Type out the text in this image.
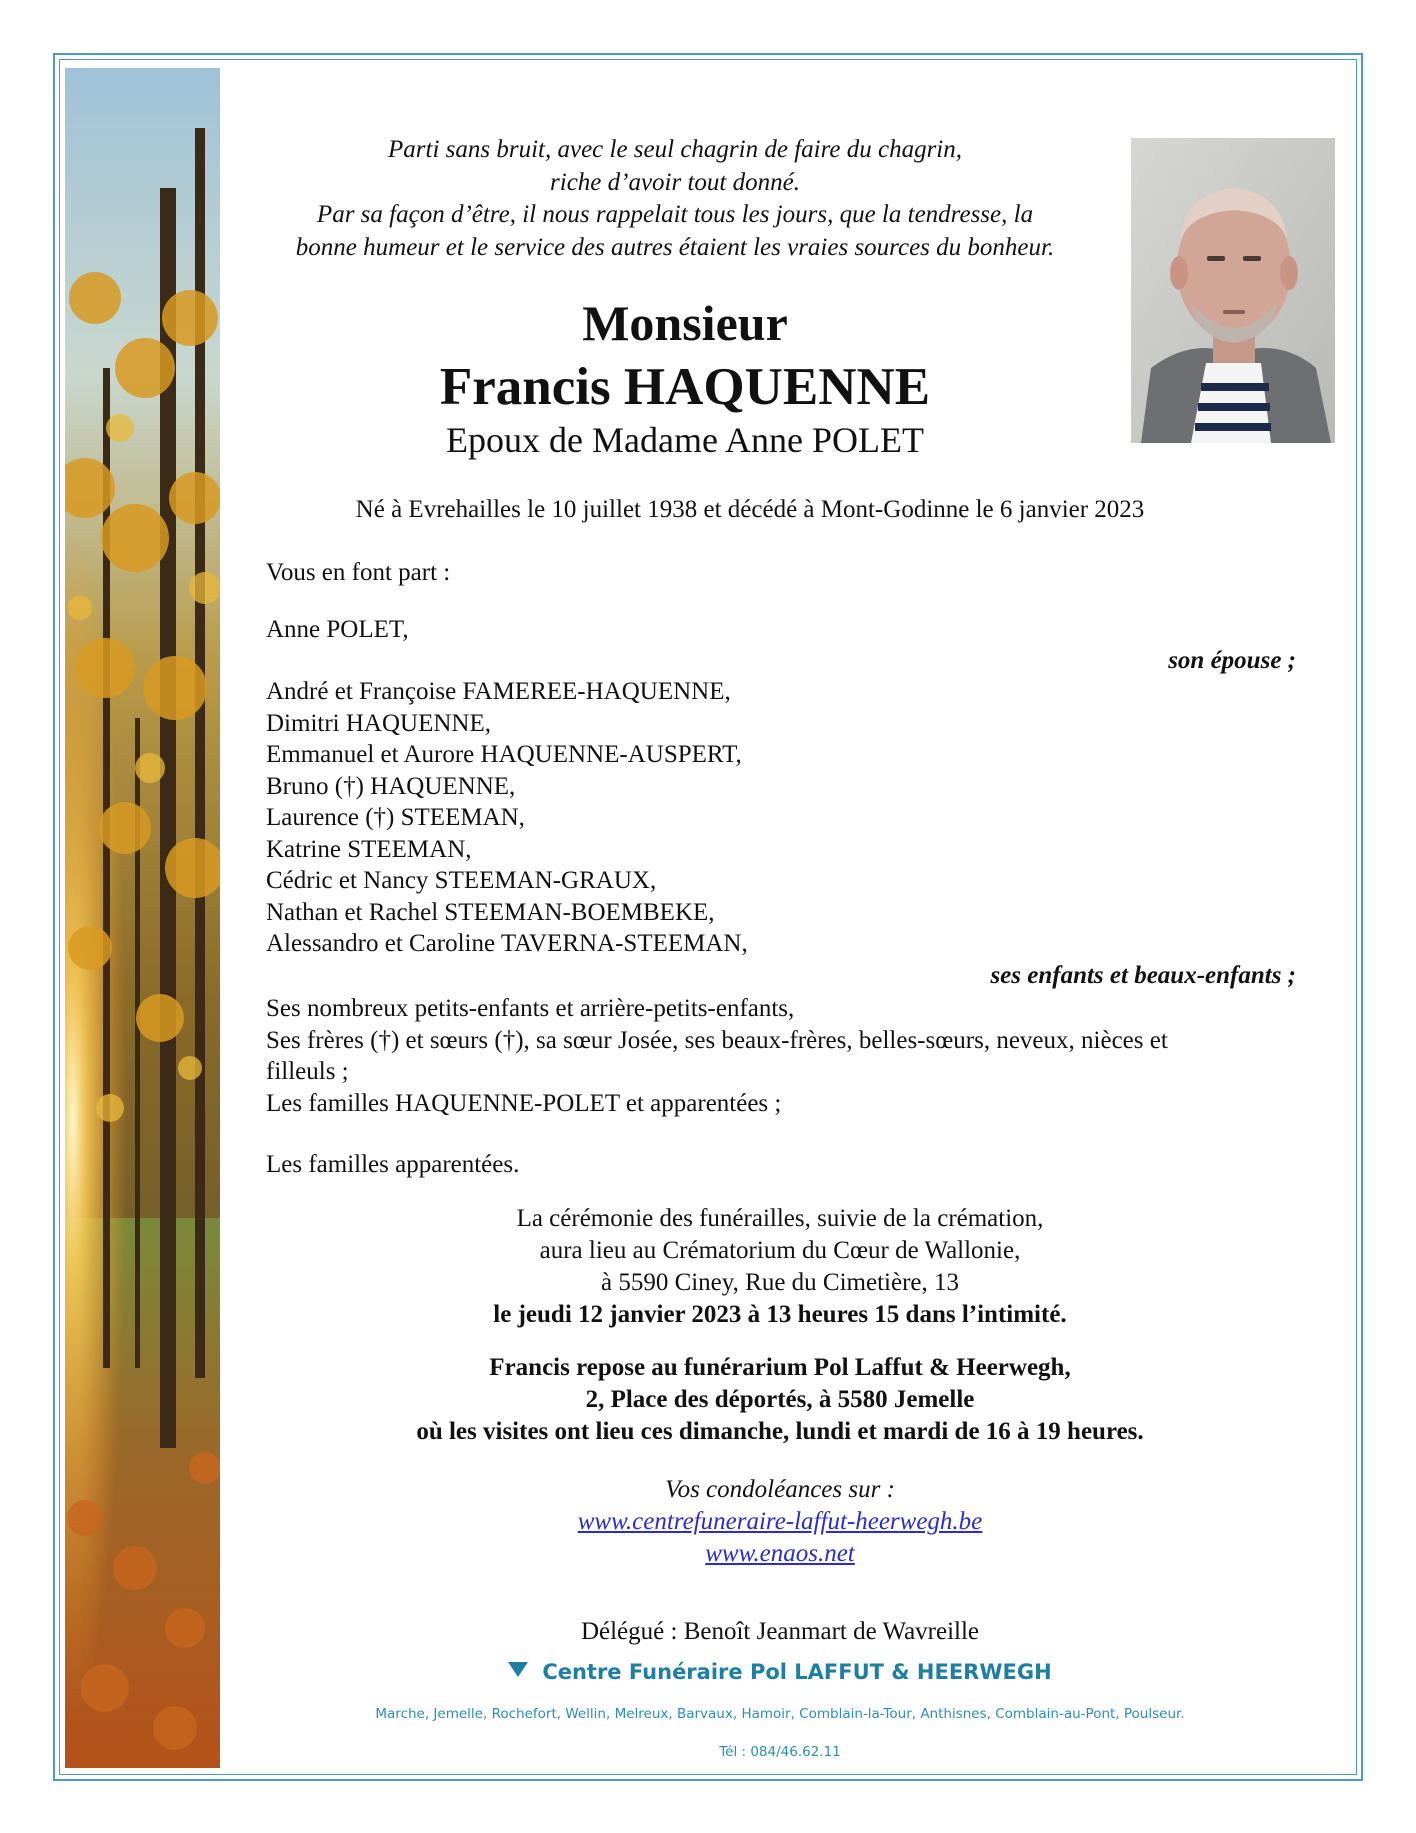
Parti sans bruit, avec le seul chagrin de faire du chagrin,
riche d’avoir tout donné.
Par sa façon d’être, il nous rappelait tous les jours, que la tendresse, la
bonne humeur et le service des autres étaient les vraies sources du bonheur.
Monsieur
Francis HAQUENNE
Epoux de Madame Anne POLET
Né à Evrehailles le 10 juillet 1938 et décédé à Mont-Godinne le 6 janvier 2023
Vous en font part :
Anne POLET,
son épouse ;
André et Françoise FAMEREE-HAQUENNE,
Dimitri HAQUENNE,
Emmanuel et Aurore HAQUENNE-AUSPERT,
Bruno (†) HAQUENNE,
Laurence (†) STEEMAN,
Katrine STEEMAN,
Cédric et Nancy STEEMAN-GRAUX,
Nathan et Rachel STEEMAN-BOEMBEKE,
Alessandro et Caroline TAVERNA-STEEMAN,
ses enfants et beaux-enfants ;
Ses nombreux petits-enfants et arrière-petits-enfants,
Ses frères (†) et sœurs (†), sa sœur Josée, ses beaux-frères, belles-sœurs, neveux, nièces et
filleuls ;
Les familles HAQUENNE-POLET et apparentées ;
Les familles apparentées.
La cérémonie des funérailles, suivie de la crémation,
aura lieu au Crématorium du Cœur de Wallonie,
à 5590 Ciney, Rue du Cimetière, 13
le jeudi 12 janvier 2023 à 13 heures 15 dans l’intimité.
Francis repose au funérarium Pol Laffut & Heerwegh,
2, Place des déportés, à 5580 Jemelle
où les visites ont lieu ces dimanche, lundi et mardi de 16 à 19 heures.
Vos condoléances sur :
www.centrefuneraire-laffut-heerwegh.be
www.enaos.net
Délégué : Benoît Jeanmart de Wavreille
Centre Funéraire Pol LAFFUT & HEERWEGH
Marche, Jemelle, Rochefort, Wellin, Melreux, Barvaux, Hamoir, Comblain-la-Tour, Anthisnes, Comblain-au-Pont, Poulseur.
Tél : 084/46.62.11
